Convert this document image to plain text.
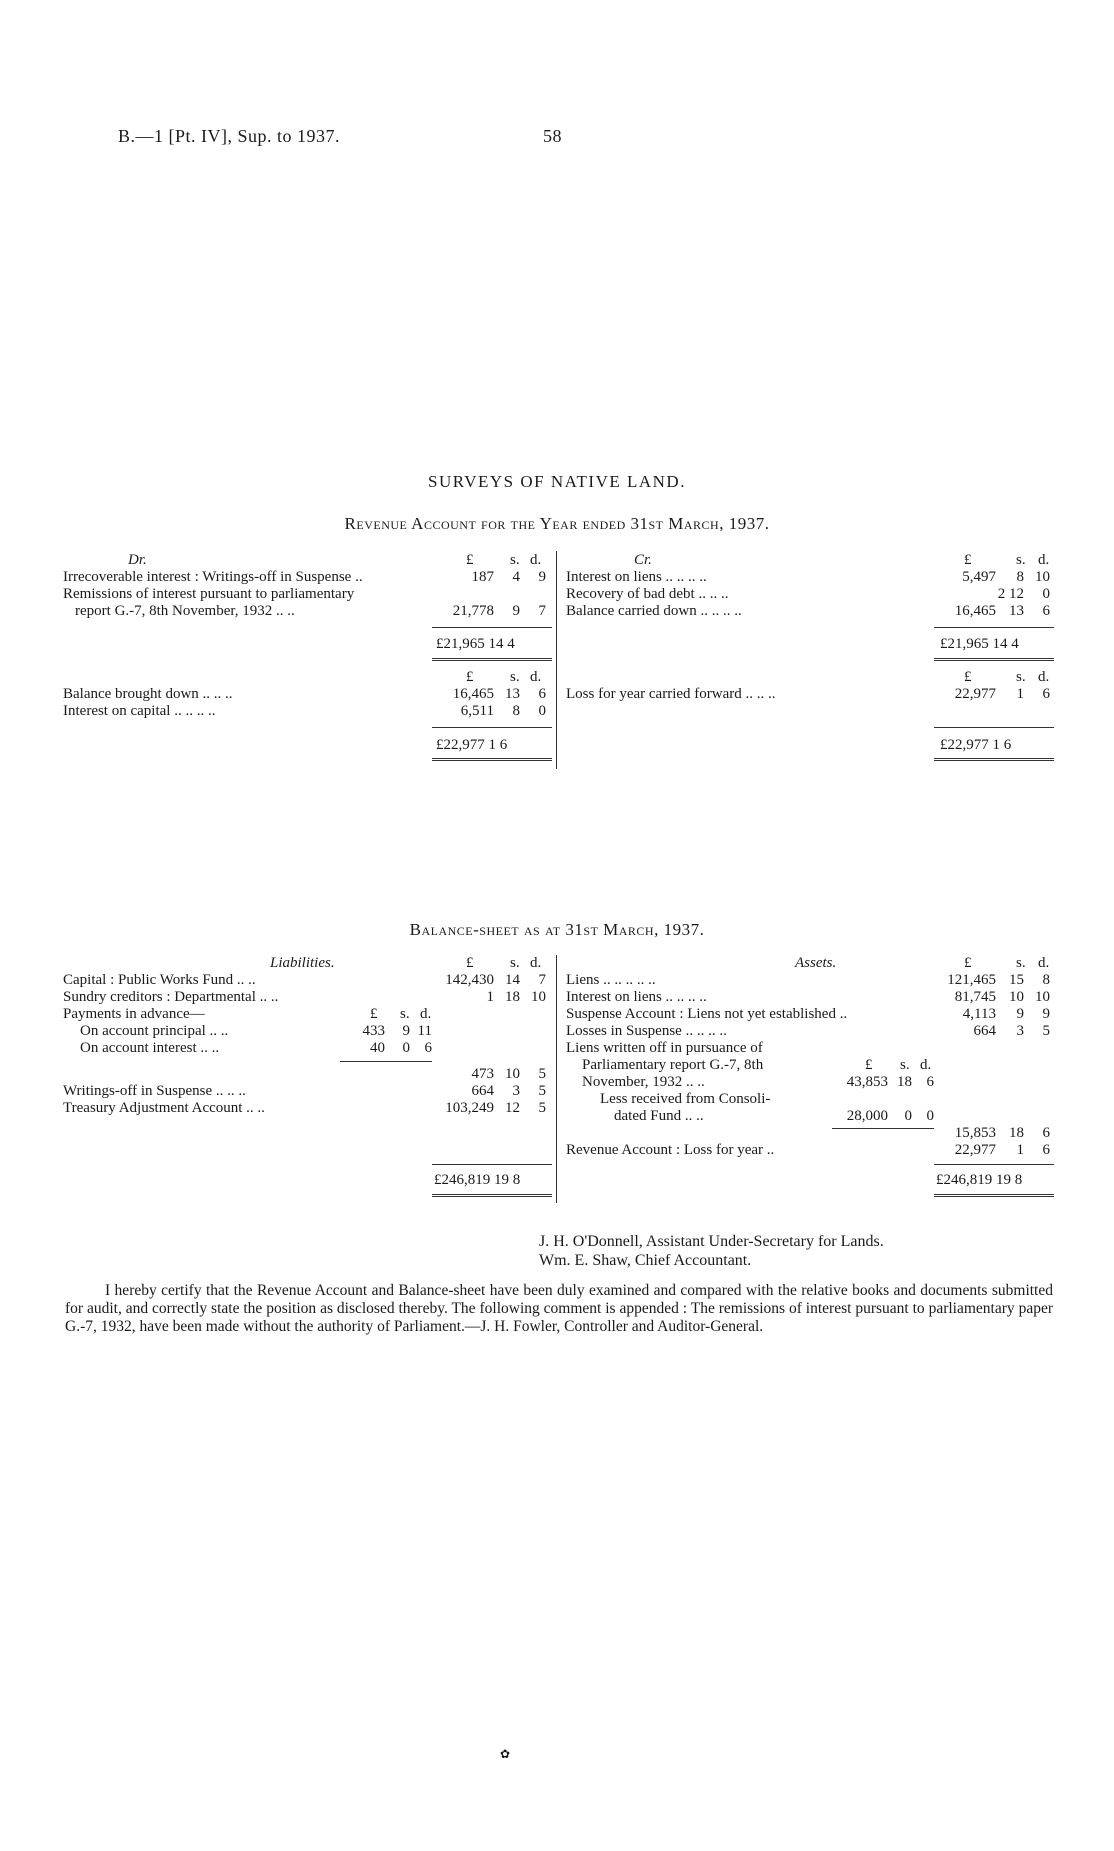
B.—1 [Pt. IV], Sup. to 1937.	58
SURVEYS OF NATIVE LAND.
Revenue Account for the Year ended 31st March, 1937.
Dr.	Cr.
£ s. d.	£	s. d.
Irrecoverable interest : Writings-off in Suspense ..	187	4	9
Remissions of interest pursuant to parliamentary
report G.-7, 8th November, 1932 .. ..	21,778	9	7
Interest on liens .. .. .. ..	5,497	8 10
Recovery of bad debt .. .. ..	2 12	0
Balance carried down .. .. .. ..	16,465 13	6
£21,965 14 4	£21,965 14 4
£ s. d.	£	s. d.
Balance brought down .. .. ..	16,465 13	6
Interest on capital .. .. .. ..	6,511	8	0
Loss for year carried forward .. .. ..	22,977	1	6
£22,977 1 6	£22,977 1 6
Balance-sheet as at 31st March, 1937.
Liabilities.	Assets.
£ s. d.	£	s. d.
Capital : Public Works Fund .. ..	142,430 14	7
Sundry creditors : Departmental .. ..	1 18 10
Payments in advance—	£ s. d.
On account principal .. ..	433	9 11
On account interest .. ..	40	0 6
473 10	5
Writings-off in Suspense .. .. ..	664	3	5
Treasury Adjustment Account .. ..	103,249 12	5
Liens .. .. .. .. ..	121,465 15	8
Interest on liens .. .. .. ..	81,745 10 10
Suspense Account : Liens not yet established ..	4,113	9	9
Losses in Suspense .. .. .. ..	664	3	5
Liens written off in pursuance of
Parliamentary report G.-7, 8th	£ s. d.
November, 1932 .. ..	43,853 18 6
Less received from Consoli-
dated Fund .. ..	28,000	0 0
15,853 18	6
Revenue Account : Loss for year ..	22,977	1	6
£246,819 19 8	£246,819 19 8
J. H. O'Donnell, Assistant Under-Secretary for Lands.
Wm. E. Shaw, Chief Accountant.
I hereby certify that the Revenue Account and Balance-sheet have been duly examined and compared with the relative books and documents submitted for audit, and correctly state the position as disclosed thereby. The following comment is appended : The remissions of interest pursuant to parliamentary paper G.-7, 1932, have been made without the authority of Parliament.—J. H. Fowler, Controller and Auditor-General.
✿
